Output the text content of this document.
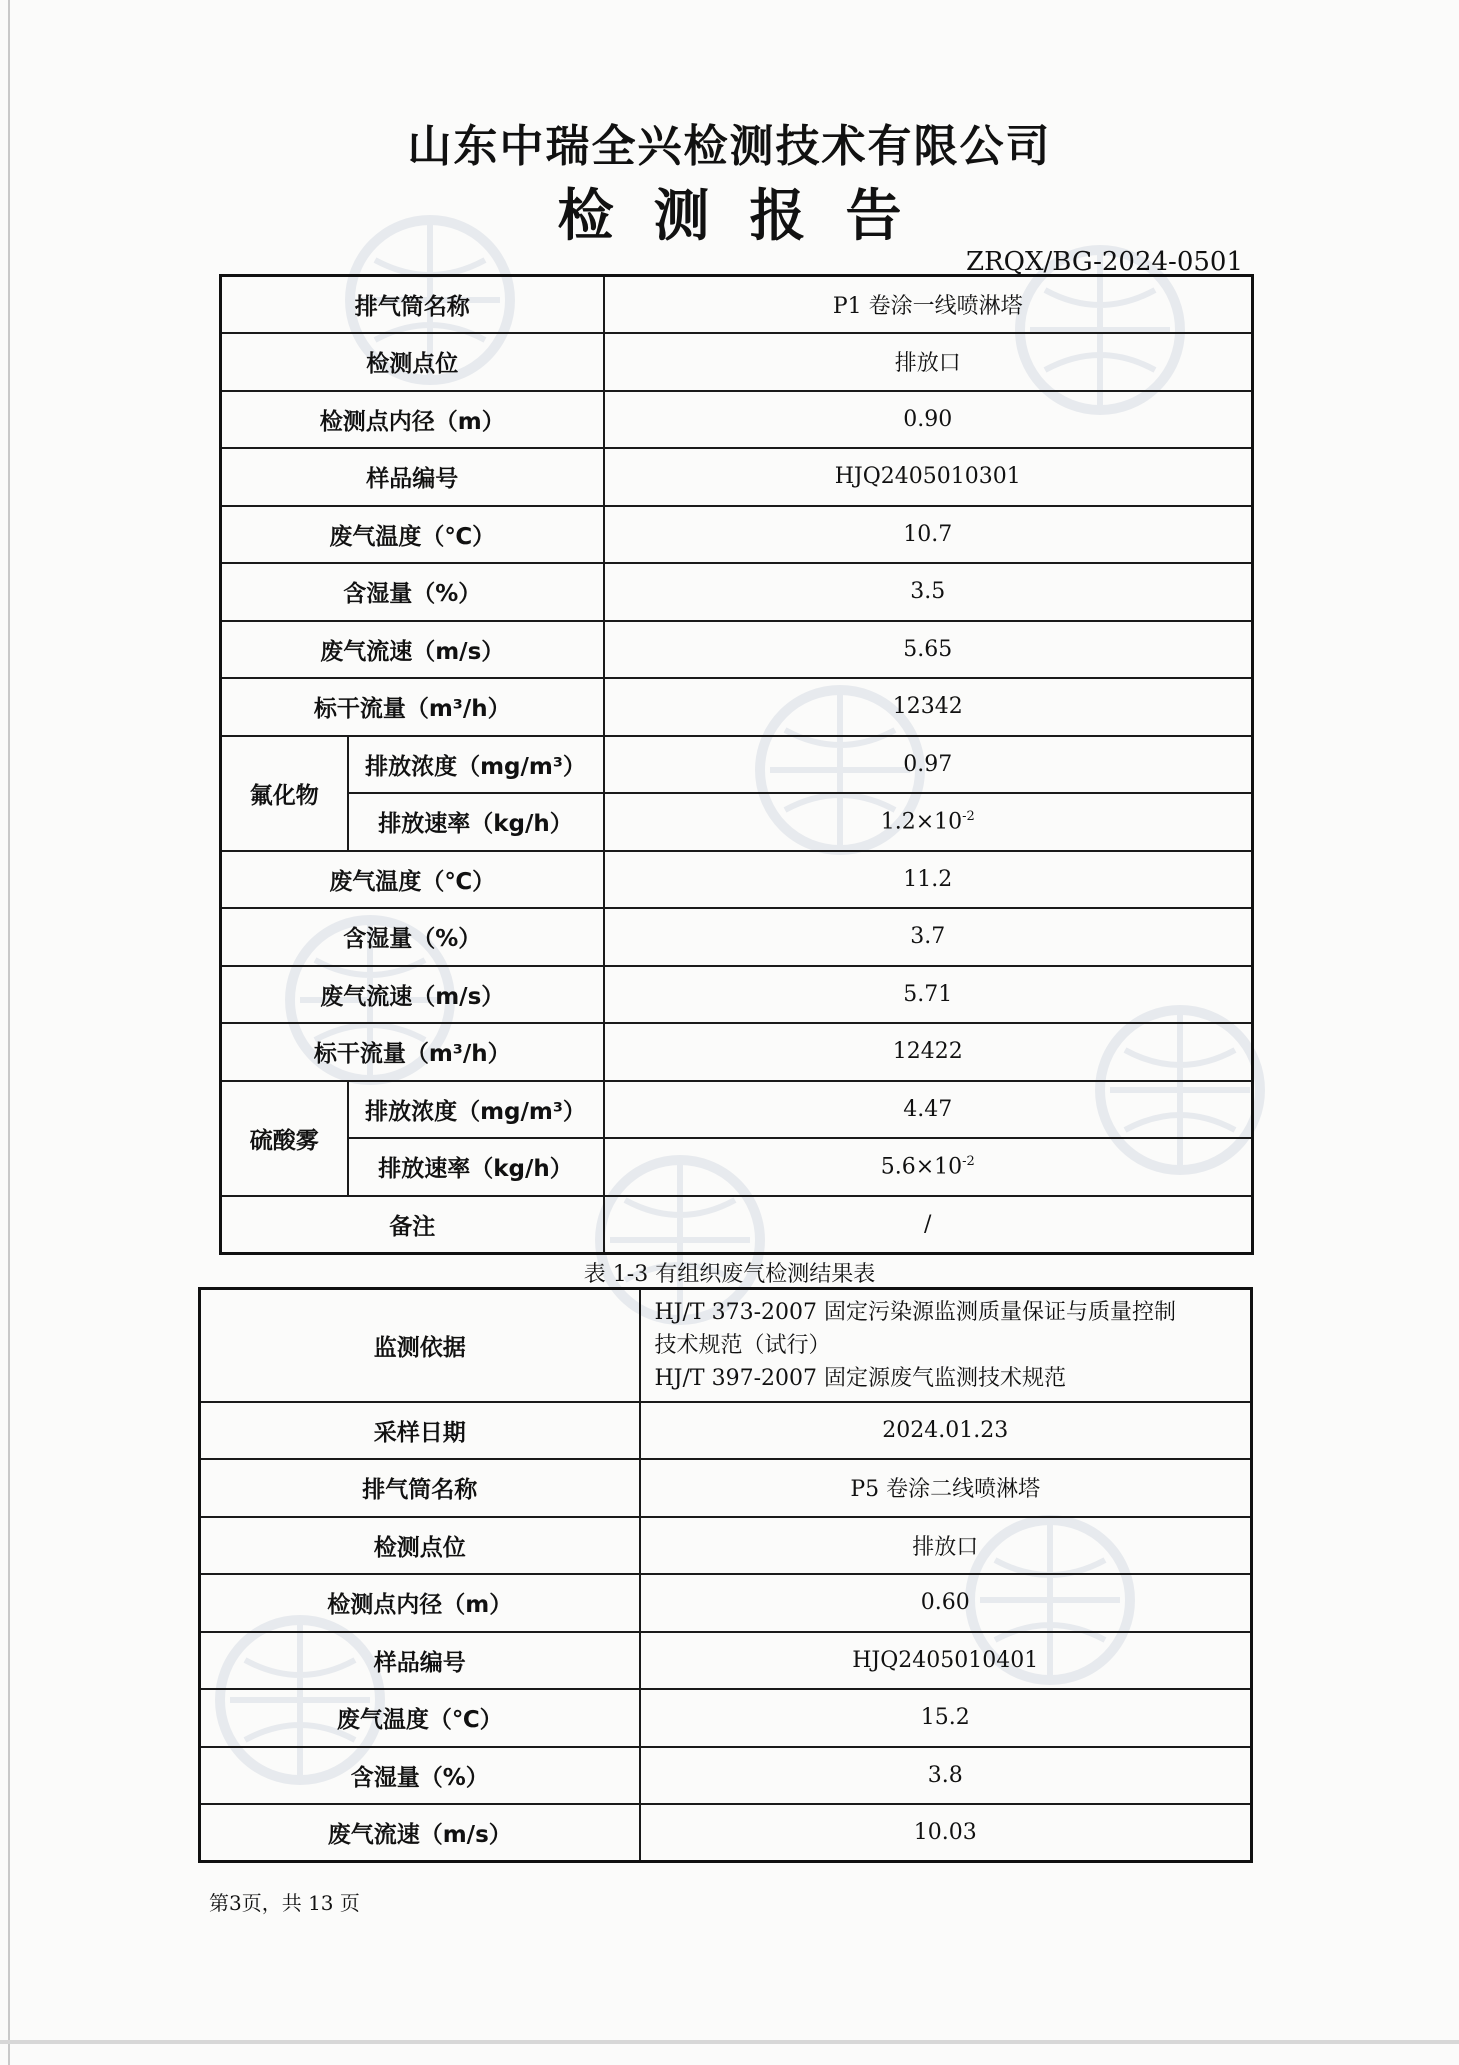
山东中瑞全兴检测技术有限公司
检测报告
ZRQX/BG-2024-0501
排气筒名称		P1 卷涂一线喷淋塔
检测点位		排放口
检测点内径（m）		0.90
样品编号		HJQ2405010301
废气温度（℃）		10.7
含湿量（%）		3.5
废气流速（m/s）		5.65
标干流量（m³/h）		12342
氟化物	排放浓度（mg/m³）	0.97
	排放速率（kg/h）	$1.2\times 10^{-2}$
废气温度（℃）		11.2
含湿量（%）		3.7
废气流速（m/s）		5.71
标干流量（m³/h）		12422
硫酸雾	排放浓度（mg/m³）	4.47
	排放速率（kg/h）	$5.6\times 10^{-2}$
备注		/
表 1-3 有组织废气检测结果表
监测依据	HJ/T 373-2007 固定污染源监测质量保证与质量控制
技术规范（试行）
HJ/T 397-2007 固定源废气监测技术规范

采样日期	2024.01.23
排气筒名称	P5 卷涂二线喷淋塔
检测点位	排放口
检测点内径（m）	0.60
样品编号	HJQ2405010401
废气温度（℃）	15.2
含湿量（%）	3.8
废气流速（m/s）	10.03
第3页，共 13 页
